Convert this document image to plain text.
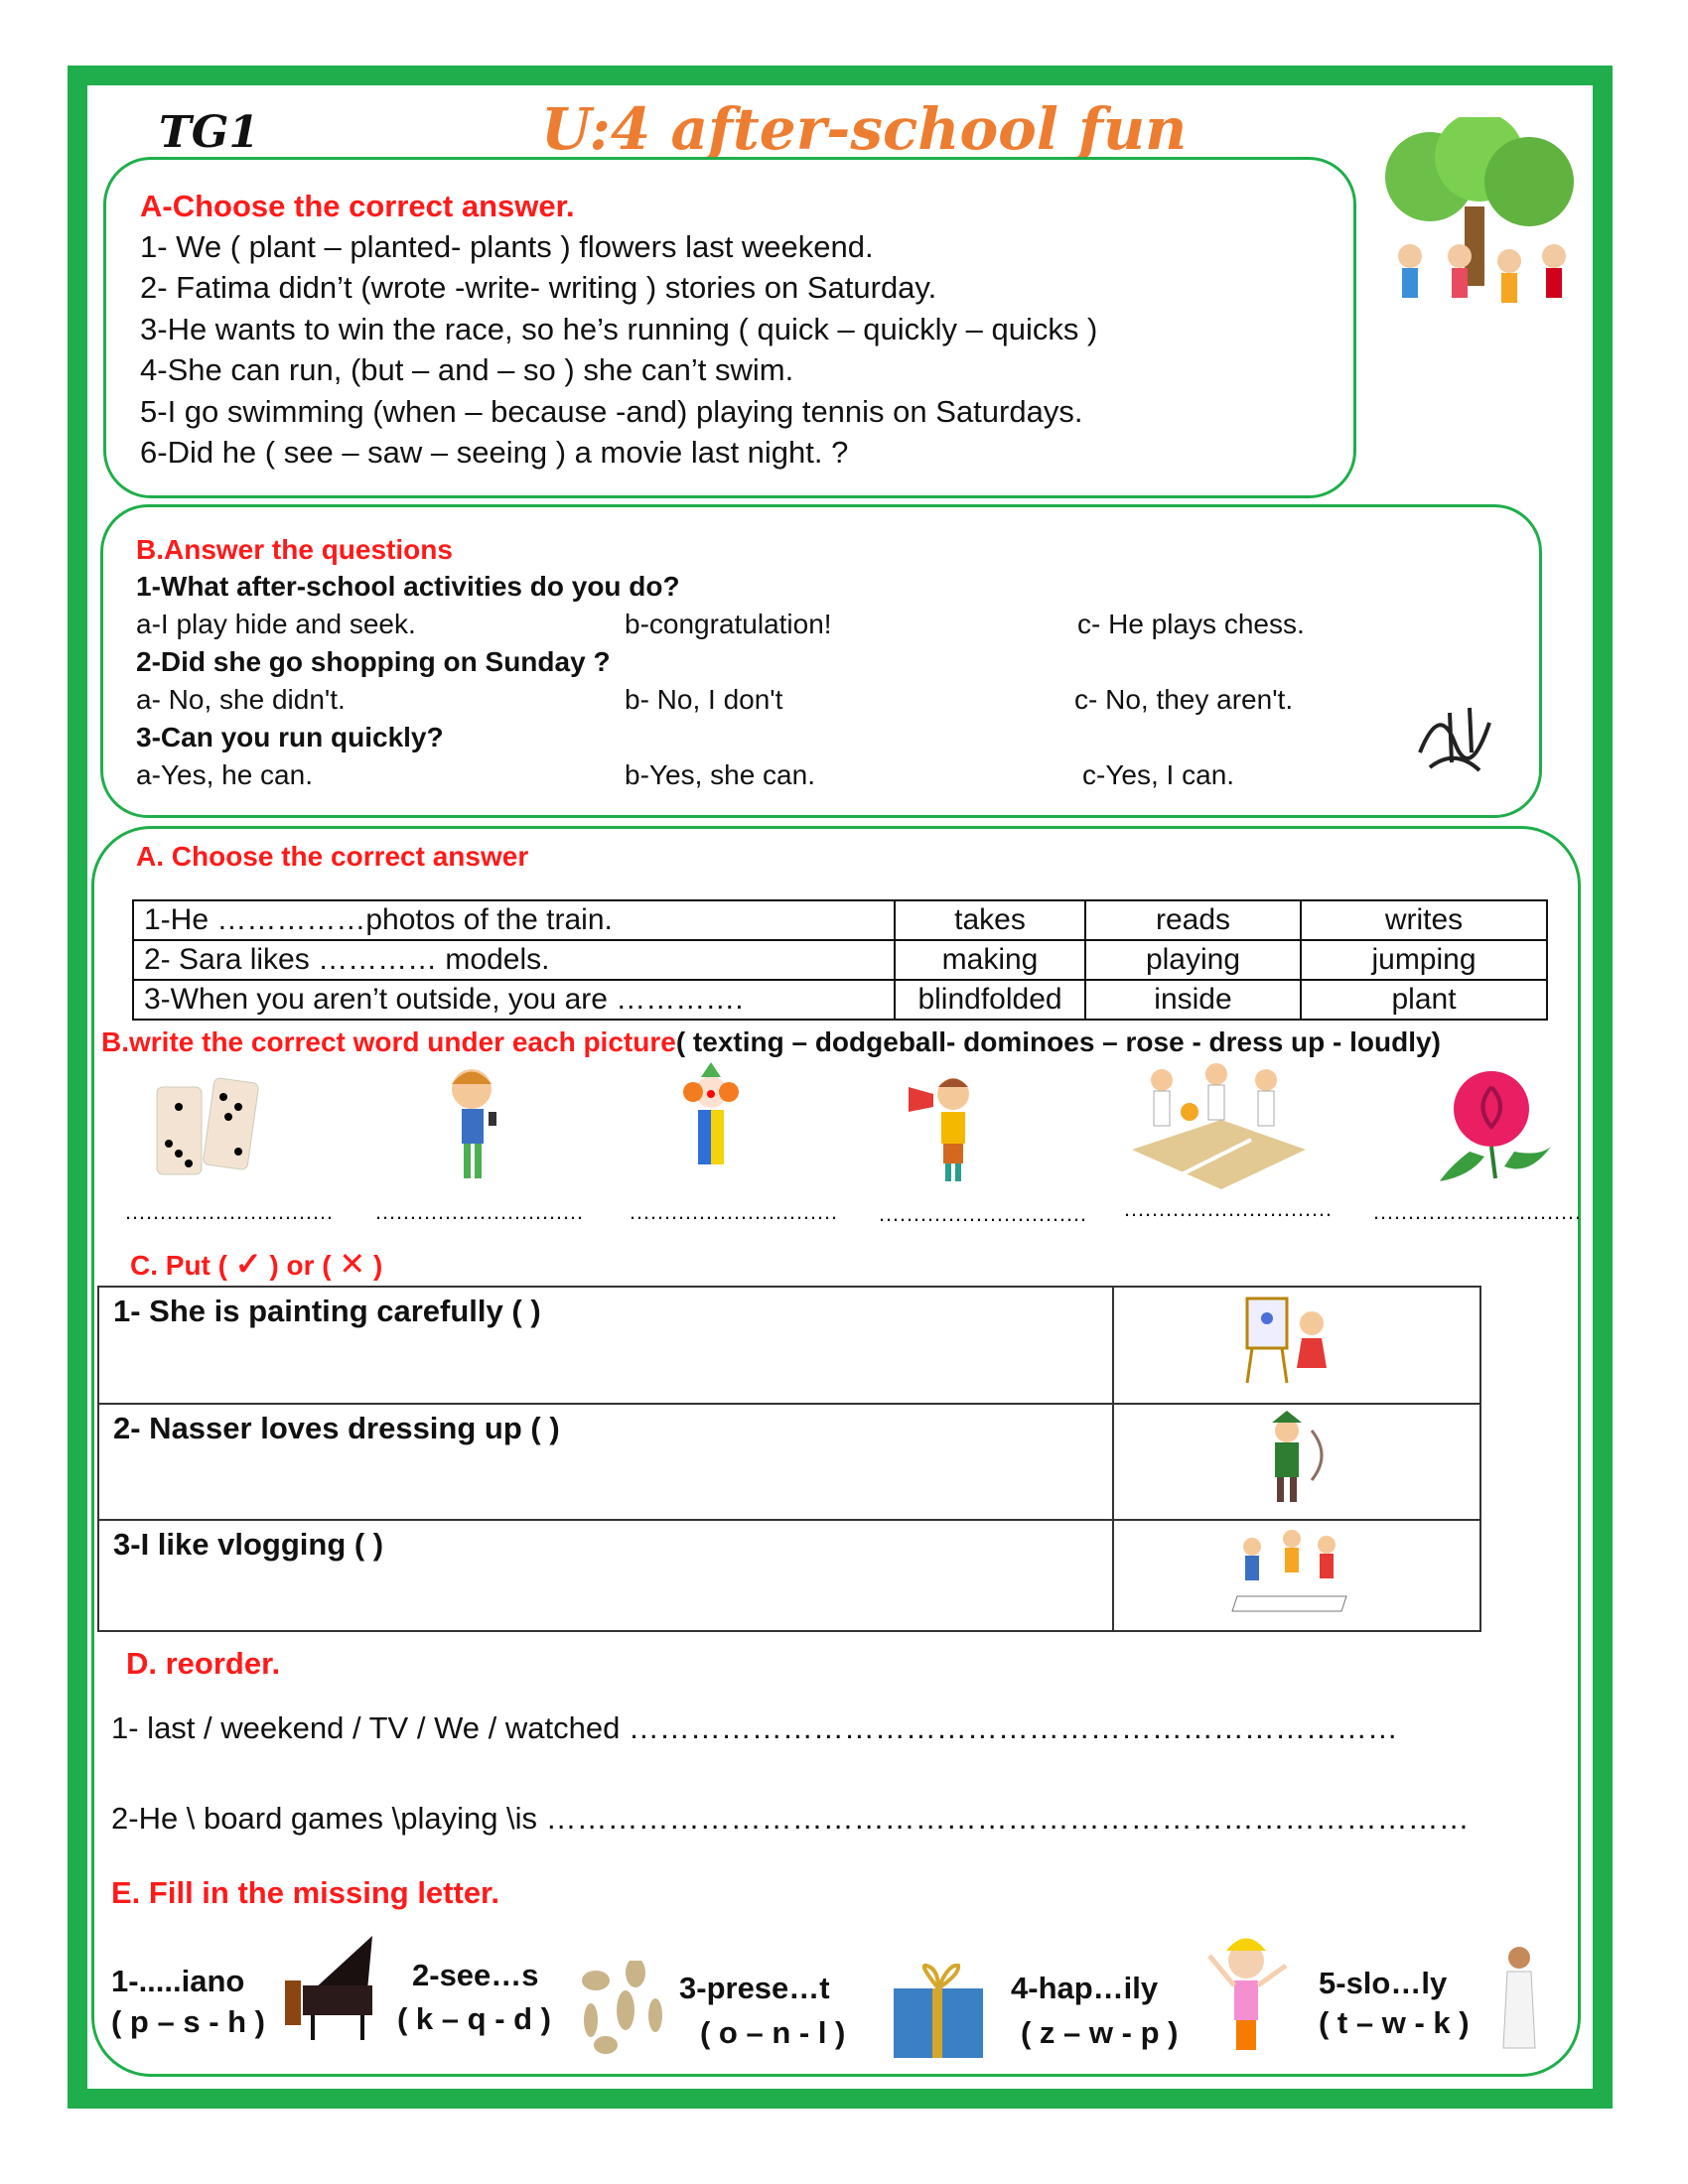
TG1	U:4 after-school fun
A-Choose the correct answer.
1- We ( plant – planted- plants ) flowers last weekend.
2- Fatima didn’t (wrote -write- writing ) stories on Saturday.
3-He wants to win the race, so he’s running ( quick – quickly – quicks )
4-She can run, (but – and – so ) she can’t swim.
5-I go swimming (when – because -and) playing tennis on Saturdays.
6-Did he ( see – saw – seeing ) a movie last night. ?
B.Answer the questions
1-What after-school activities do you do?
a-I play hide and seek.	b-congratulation!	c- He plays chess.
2-Did she go shopping on Sunday ?
a- No, she didn't.	b- No, I don't	c- No, they aren't.
3-Can you run quickly?
a-Yes, he can.	b-Yes, she can.	c-Yes, I can.
A. Choose the correct answer
1-He ……………photos of the train.	takes	reads	writes
2- Sara likes ………… models.	making	playing	jumping
3-When you aren’t outside, you are ………….	blindfolded	inside	plant
B.write the correct word under each picture( texting – dodgeball- dominoes – rose - dress up - loudly)
………………………… ………………………… ………………………… ………………………… ………………………… …………………………
C. Put ( ✓ ) or ( ✕ )
1- She is painting carefully ( )	
2- Nasser loves dressing up ( )	
3-I like vlogging ( )	
D. reorder.
1- last / weekend / TV / We / watched …………………………………………………………………
2-He \ board games \playing \is ………………………………………………………………………………
E. Fill in the missing letter.
1-.....iano
( p – s - h )
2-see…s
( k – q - d )
3-prese…t
( o – n - l )
4-hap…ily
( z – w - p )
5-slo…ly
( t – w - k )
